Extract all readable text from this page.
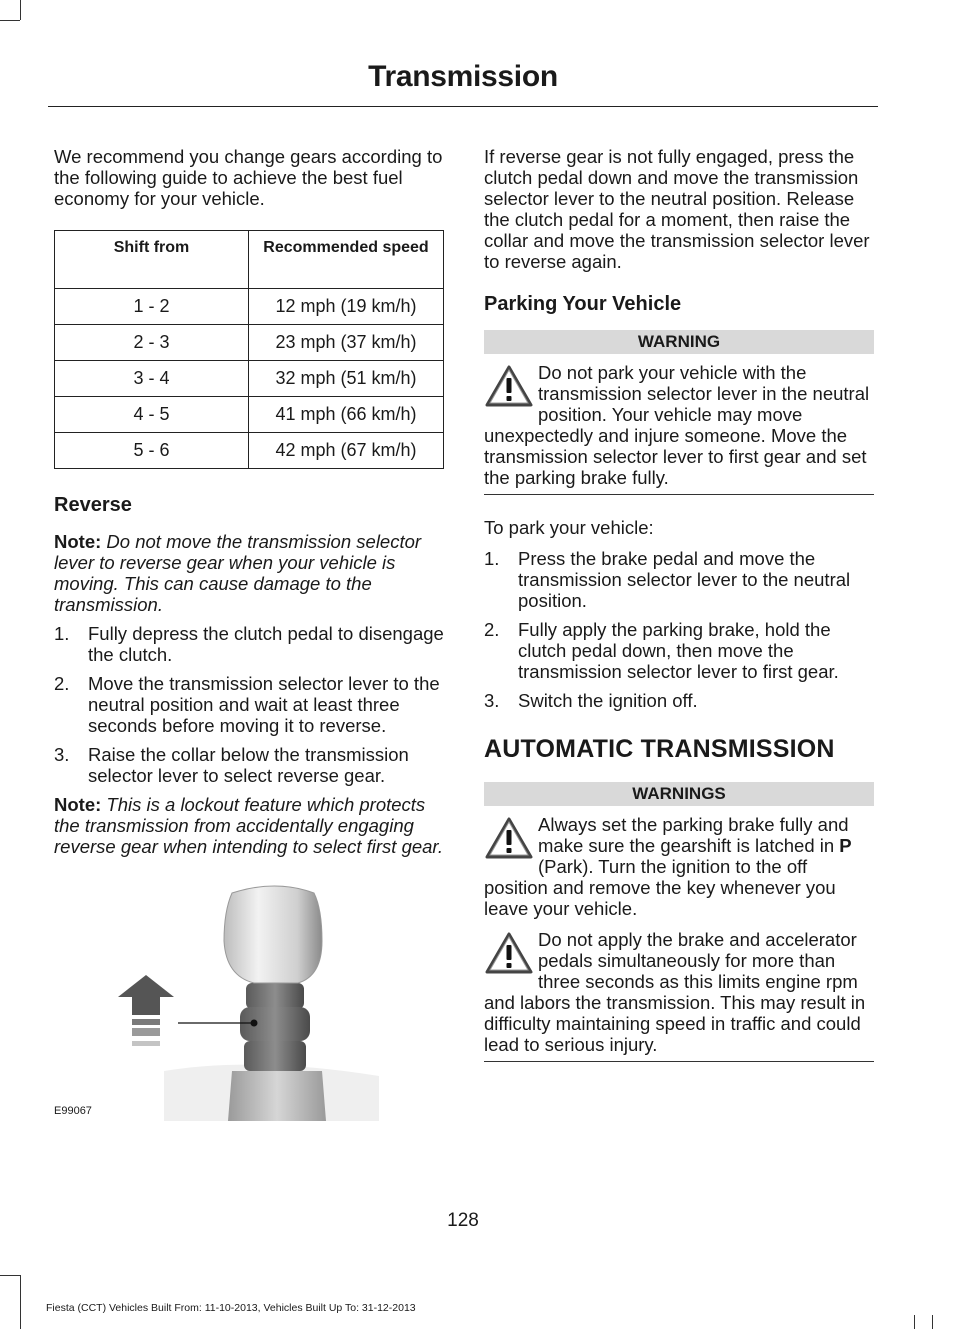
Transmission

We recommend you change gears according to the following guide to achieve the best fuel economy for your vehicle.

Shift from	Recommended speed
1 - 2	12 mph (19 km/h)
2 - 3	23 mph (37 km/h)
3 - 4	32 mph (51 km/h)
4 - 5	41 mph (66 km/h)
5 - 6	42 mph (67 km/h)
Reverse

Note: Do not move the transmission selector lever to reverse gear when your vehicle is moving. This can cause damage to the transmission.

1. Fully depress the clutch pedal to disengage the clutch.
2. Move the transmission selector lever to the neutral position and wait at least three seconds before moving it to reverse.
3. Raise the collar below the transmission selector lever to select reverse gear.

Note: This is a lockout feature which protects the transmission from accidentally engaging reverse gear when intending to select first gear.

E99067

If reverse gear is not fully engaged, press the clutch pedal down and move the transmission selector lever to the neutral position. Release the clutch pedal for a moment, then raise the collar and move the transmission selector lever to reverse again.

Parking Your Vehicle
WARNING

Do not park your vehicle with the transmission selector lever in the neutral position. Your vehicle may move unexpectedly and injure someone. Move the transmission selector lever to first gear and set the parking brake fully.

To park your vehicle:

1. Press the brake pedal and move the transmission selector lever to the neutral position.
2. Fully apply the parking brake, hold the clutch pedal down, then move the transmission selector lever to first gear.
3. Switch the ignition off.
AUTOMATIC TRANSMISSION
WARNINGS

Always set the parking brake fully and make sure the gearshift is latched in P (Park). Turn the ignition to the off position and remove the key whenever you leave your vehicle.

Do not apply the brake and accelerator pedals simultaneously for more than three seconds as this limits engine rpm and labors the transmission. This may result in difficulty maintaining speed in traffic and could lead to serious injury.

128
Fiesta (CCT) Vehicles Built From: 11-10-2013, Vehicles Built Up To: 31-12-2013
